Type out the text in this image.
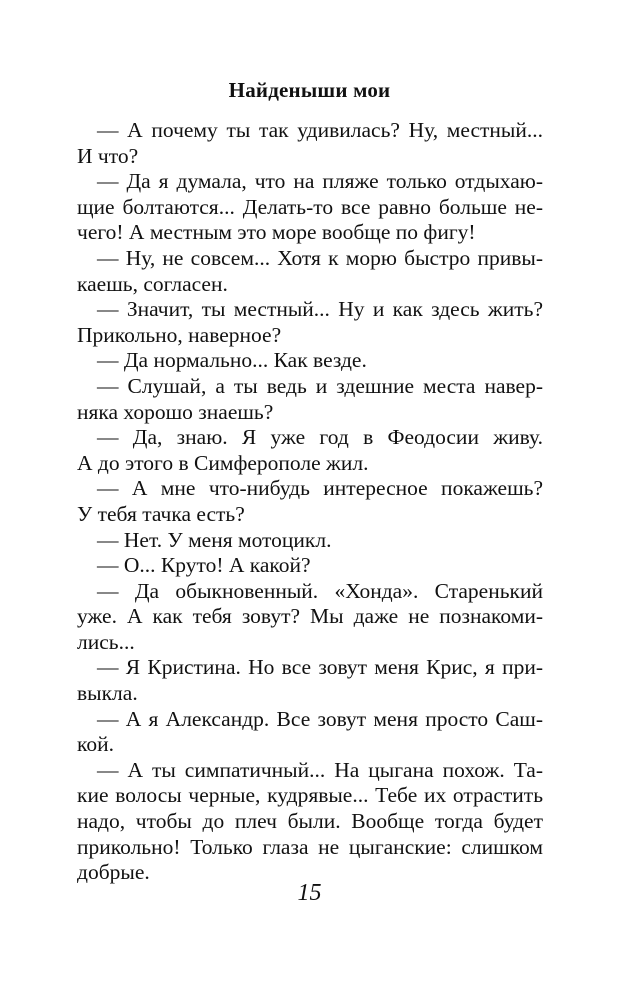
Найденыши мои
— А почему ты так удивилась? Ну, местный...
И что?
— Да я думала, что на пляже только отдыхаю-
щие болтаются... Делать-то все равно больше не-
чего! А местным это море вообще по фигу!
— Ну, не совсем... Хотя к морю быстро привы-
каешь, согласен.
— Значит, ты местный... Ну и как здесь жить?
Прикольно, наверное?
— Да нормально... Как везде.
— Слушай, а ты ведь и здешние места навер-
няка хорошо знаешь?
— Да, знаю. Я уже год в Феодосии живу.
А до этого в Симферополе жил.
— А мне что-нибудь интересное покажешь?
У тебя тачка есть?
— Нет. У меня мотоцикл.
— О... Круто! А какой?
— Да обыкновенный. «Хонда». Старенький
уже. А как тебя зовут? Мы даже не познакоми-
лись...
— Я Кристина. Но все зовут меня Крис, я при-
выкла.
— А я Александр. Все зовут меня просто Саш-
кой.
— А ты симпатичный... На цыгана похож. Та-
кие волосы черные, кудрявые... Тебе их отрастить
надо, чтобы до плеч были. Вообще тогда будет
прикольно! Только глаза не цыганские: слишком
добрые.
15
